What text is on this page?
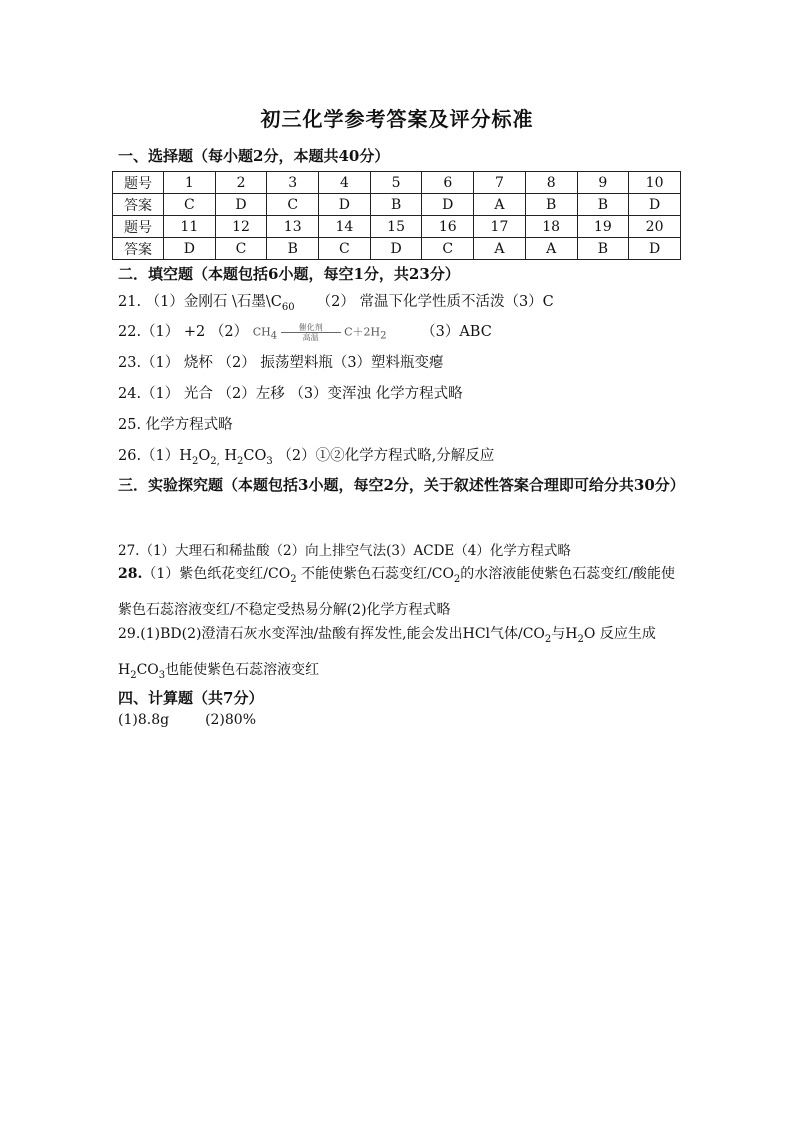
初三化学参考答案及评分标准
一、选择题（每小题2分，本题共40分）
题号	1	2	3	4	5	6	7	8	9	10
答案	C	D	C	D	B	D	A	B	B	D
题号	11	12	13	14	15	16	17	18	19	20
答案	D	C	B	C	D	C	A	A	B	D
二．填空题（本题包括6小题，每空1分，共23分）
21. （1）金刚石 \石墨$\backslash C_{60}$ （2） 常温下化学性质不活泼（3）C
22.（1） +2 （2） $CH_4$ 催化剂
高温 $C+2H_2$ （3）ABC
23.（1） 烧杯 （2） 振荡塑料瓶（3）塑料瓶变瘪
24.（1） 光合 （2）左移 （3）变浑浊 化学方程式略
25. 化学方程式略
$26.(1)H_2O_{2,}$ $H_2CO_3$ （2）①②化学方程式略,分解反应
三．实验探究题（本题包括3小题，每空2分，关于叙述性答案合理即可给分共30分）
27.（1）大理石和稀盐酸（2）向上排空气法(3）ACDE（4）化学方程式略
28.（1）紫色纸花变红$/CO_2$ 不能使紫色石蕊变红$/CO_2$的水溶液能使紫色石蕊变红/酸能使紫色石蕊溶液变红/不稳定受热易分解(2)化学方程式略
29.(1)BD(2)澄清石灰水变浑浊/盐酸有挥发性,能会发出HCl气体$/CO_2$与$H_2O$ 反应生成$H_2CO_3$也能使紫色石蕊溶液变红
四、计算题（共7分）
(1)8.8g	(2)80%
